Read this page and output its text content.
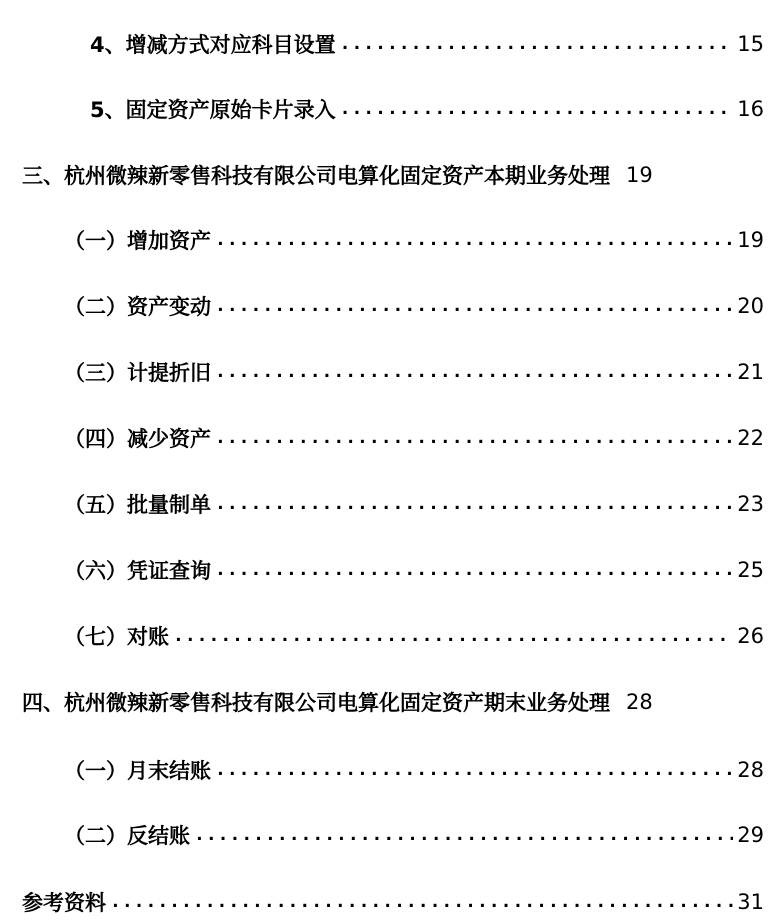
4、增减方式对应科目设置 .....	15
5、固定资产原始卡片录入 .....	16
三、杭州微辣新零售科技有限公司电算化固定资产本期业务处理 19
（一）增加资产 .....	19
（二）资产变动 .....	20
（三）计提折旧 .....	21
（四）减少资产 .....	22
（五）批量制单 .....	23
（六）凭证查询 .....	25
（七）对账 .....	26
四、杭州微辣新零售科技有限公司电算化固定资产期末业务处理 28
（一）月末结账 .....	28
（二）反结账 .....	29
参考资料 .....	31
